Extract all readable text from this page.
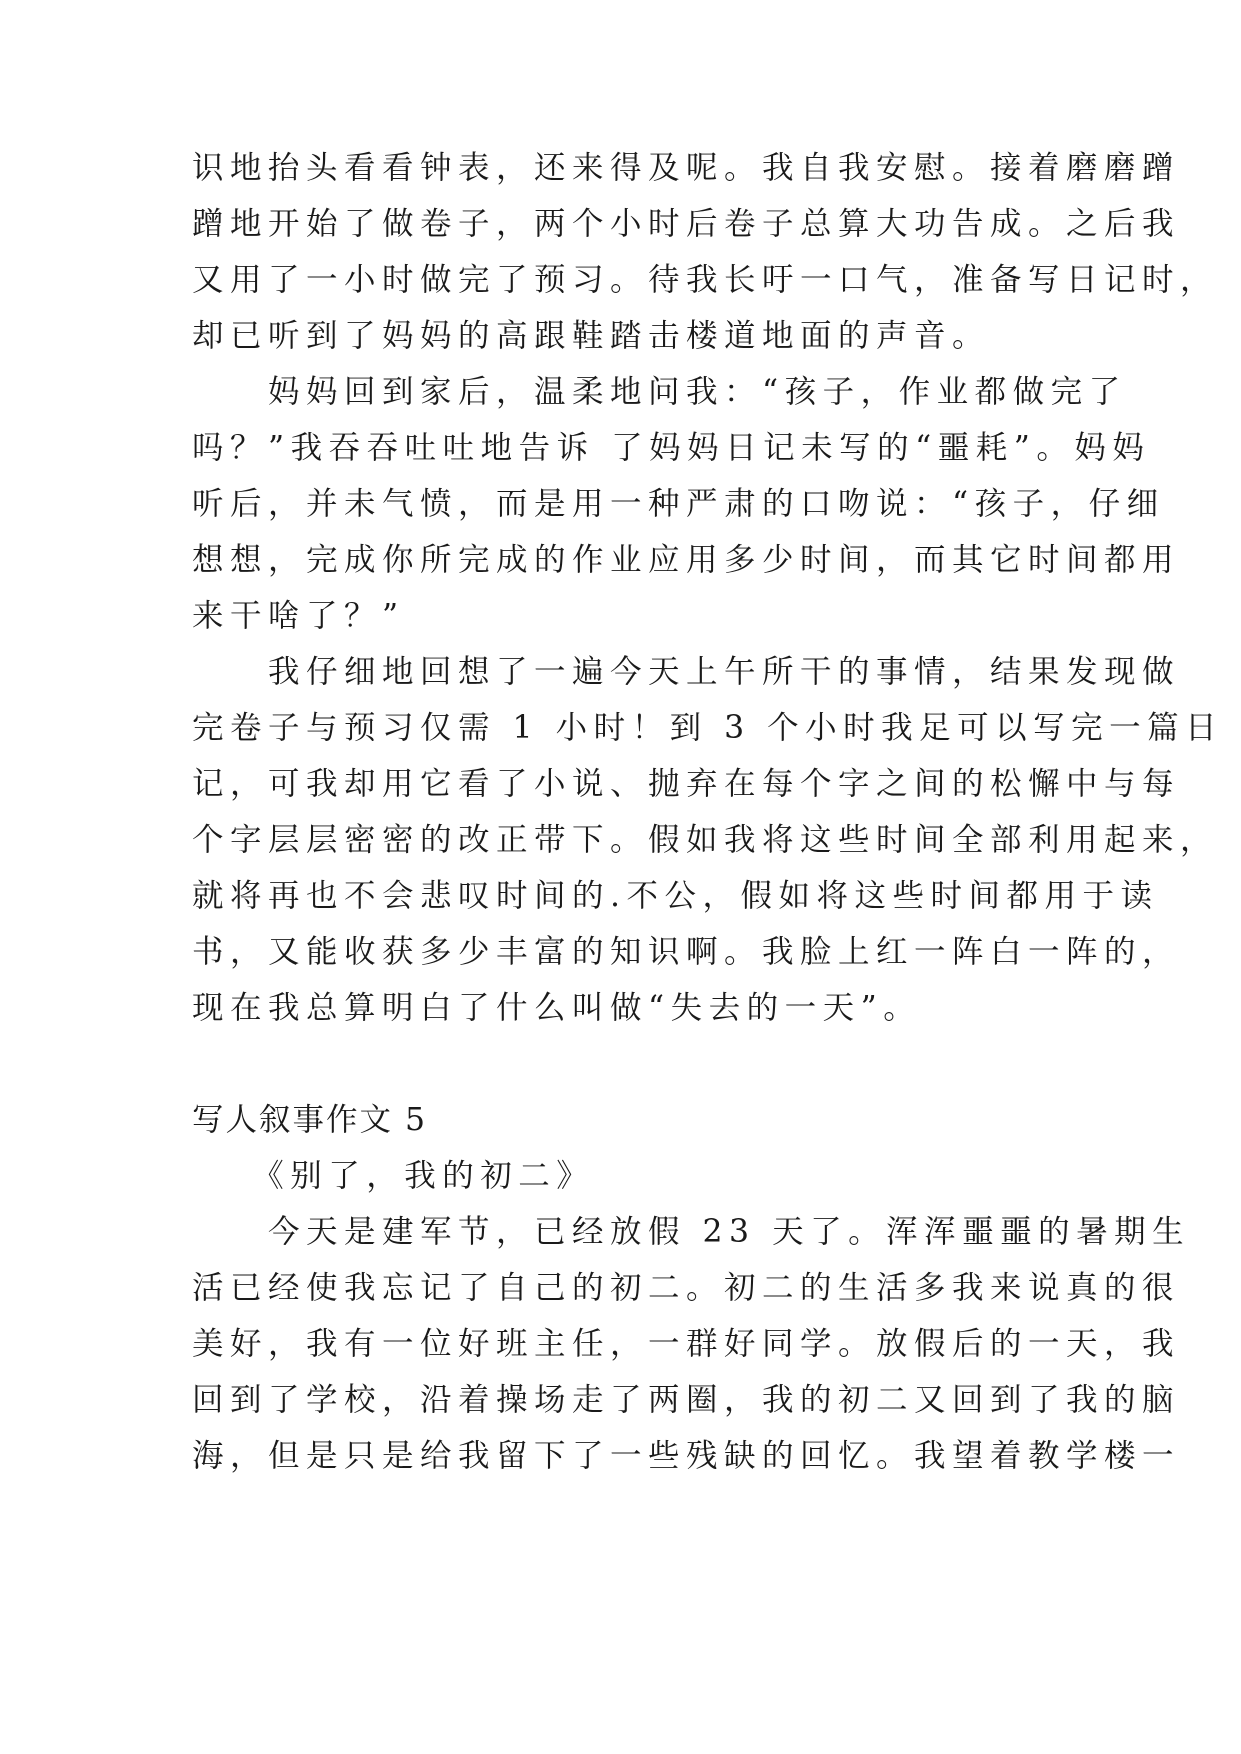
识地抬头看看钟表，还来得及呢。我自我安慰。接着磨磨蹭

蹭地开始了做卷子，两个小时后卷子总算大功告成。之后我

又用了一小时做完了预习。待我长吁一口气，准备写日记时，

却已听到了妈妈的高跟鞋踏击楼道地面的声音。

　　妈妈回到家后，温柔地问我：“孩子，作业都做完了

吗？”我吞吞吐吐地告诉 了妈妈日记未写的“噩耗”。妈妈

听后，并未气愤，而是用一种严肃的口吻说：“孩子，仔细

想想，完成你所完成的作业应用多少时间，而其它时间都用

来干啥了？”

　　我仔细地回想了一遍今天上午所干的事情，结果发现做

完卷子与预习仅需 1 小时！到 3 个小时我足可以写完一篇日

记，可我却用它看了小说、抛弃在每个字之间的松懈中与每

个字层层密密的改正带下。假如我将这些时间全部利用起来，

就将再也不会悲叹时间的.不公，假如将这些时间都用于读

书，又能收获多少丰富的知识啊。我脸上红一阵白一阵的，

现在我总算明白了什么叫做“失去的一天”。

写人叙事作文 5

　　《别了，我的初二》

　　今天是建军节，已经放假 23 天了。浑浑噩噩的暑期生

活已经使我忘记了自己的初二。初二的生活多我来说真的很

美好，我有一位好班主任，一群好同学。放假后的一天，我

回到了学校，沿着操场走了两圈，我的初二又回到了我的脑

海，但是只是给我留下了一些残缺的回忆。我望着教学楼一
